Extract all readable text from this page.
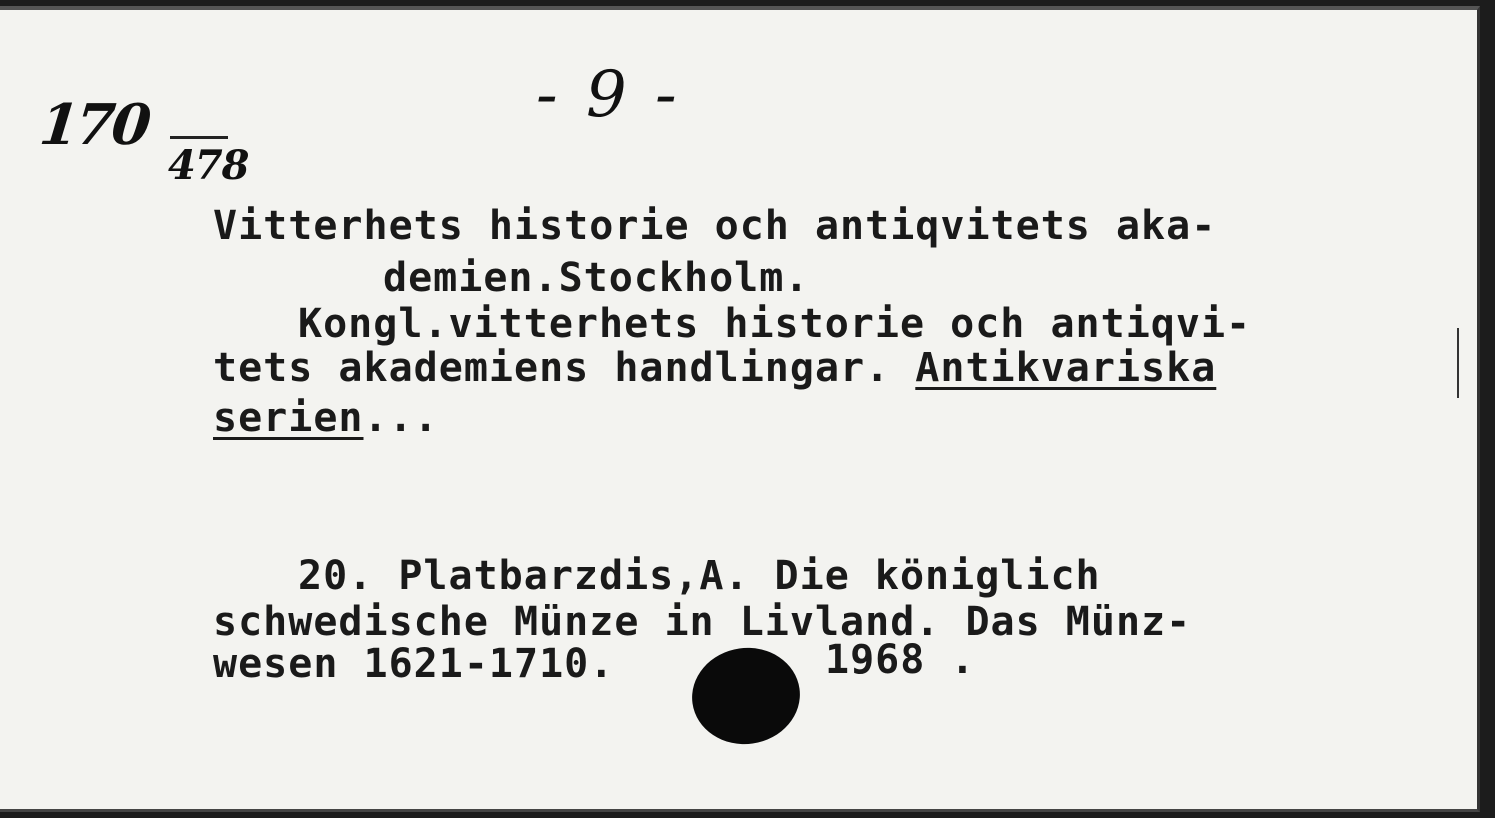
170
478
- 9 -
Vitterhets historie och antiqvitets aka-
demien.Stockholm.
Kongl.vitterhets historie och antiqvi-
tets akademiens handlingar. Antikvariska
serien...
20. Platbarzdis,A. Die königlich
schwedische Münze in Livland. Das Münz-
wesen 1621-1710.	1968 .
